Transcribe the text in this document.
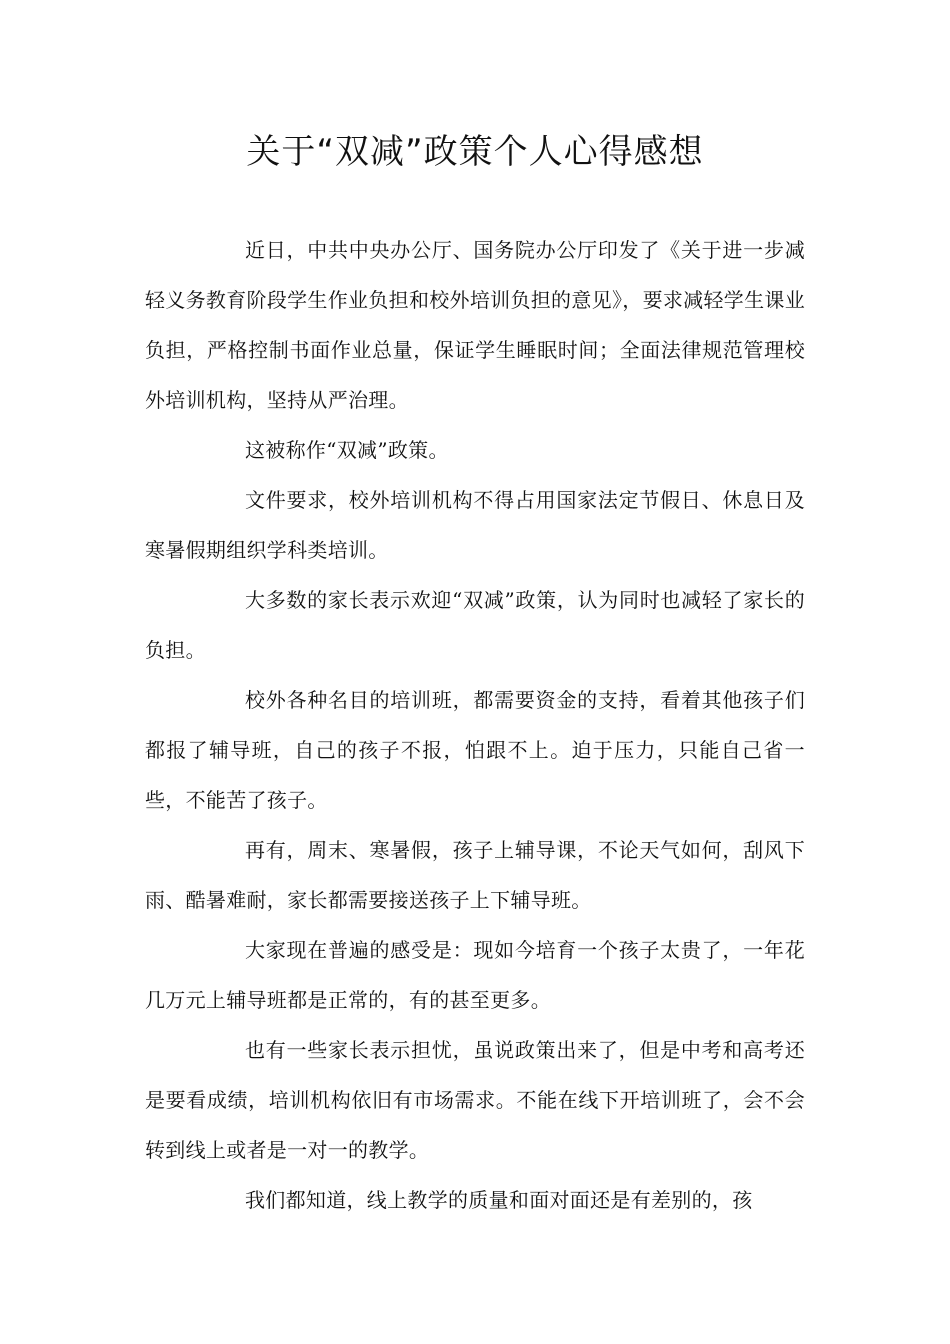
关于“双减”政策个人心得感想

近日，中共中央办公厅、国务院办公厅印发了《关于进一步减轻义务教育阶段学生作业负担和校外培训负担的意见》，要求减轻学生课业负担，严格控制书面作业总量，保证学生睡眠时间；全面法律规范管理校外培训机构，坚持从严治理。

这被称作“双减”政策。

文件要求，校外培训机构不得占用国家法定节假日、休息日及寒暑假期组织学科类培训。

大多数的家长表示欢迎“双减”政策，认为同时也减轻了家长的负担。

校外各种名目的培训班，都需要资金的支持，看着其他孩子们都报了辅导班，自己的孩子不报，怕跟不上。迫于压力，只能自己省一些，不能苦了孩子。

再有，周末、寒暑假，孩子上辅导课，不论天气如何，刮风下雨、酷暑难耐，家长都需要接送孩子上下辅导班。

大家现在普遍的感受是：现如今培育一个孩子太贵了，一年花几万元上辅导班都是正常的，有的甚至更多。

也有一些家长表示担忧，虽说政策出来了，但是中考和高考还是要看成绩，培训机构依旧有市场需求。不能在线下开培训班了，会不会转到线上或者是一对一的教学。

我们都知道，线上教学的质量和面对面还是有差别的，孩
